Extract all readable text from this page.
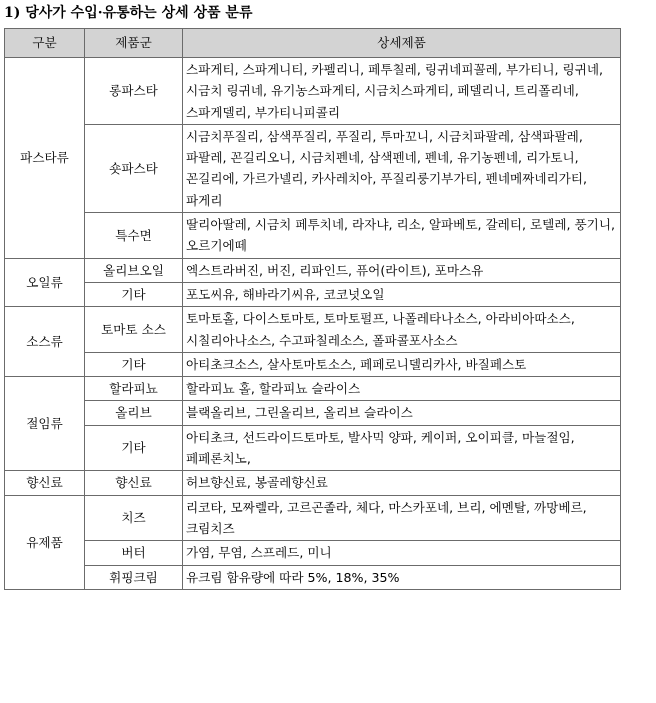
1) 당사가 수입·유통하는 상세 상품 분류
구분	제품군	상세제품
파스타류	롱파스타	스파게티, 스파게니티, 카펠리니, 페투칠레, 링귀네피꼴레, 부가티니, 링귀네, 시금치 링귀네, 유기농스파게티, 시금치스파게티, 페델리니, 트리폴리네, 스파게델리, 부가티니피콜리
	숏파스타	시금치푸질리, 삼색푸질리, 푸질리, 투마꼬니, 시금치파팔레, 삼색파팔레, 파팔레, 꼰길리오니, 시금치펜네, 삼색펜네, 펜네, 유기농펜네, 리가토니, 꼰길리에, 가르가넬리, 카사레치아, 푸질리룽기부가티, 펜네메짜네리가티, 파게리
	특수면	딸리아딸레, 시금치 페투치네, 라자냐, 리소, 알파베토, 갈레티, 로텔레, 풍기니, 오르기에떼
오일류	올리브오일	엑스트라버진, 버진, 리파인드, 퓨어(라이트), 포마스유
	기타	포도씨유, 해바라기씨유, 코코넛오일
소스류	토마토 소스	토마토홀, 다이스토마토, 토마토펄프, 나폴레타나소스, 아라비아따소스, 시칠리아나소스, 수고파칠레소스, 폴파콜포사소스
	기타	아티초크소스, 살사토마토소스, 페페로니델리카사, 바질페스토
절임류	할라피뇨	할라피뇨 홀, 할라피뇨 슬라이스
	올리브	블랙올리브, 그린올리브, 올리브 슬라이스
	기타	아티초크, 선드라이드토마토, 발사믹 양파, 케이퍼, 오이피클, 마늘절임, 페페론치노,
향신료	향신료	허브향신료, 봉골레향신료
유제품	치즈	리코타, 모짜렐라, 고르곤졸라, 체다, 마스카포네, 브리, 에멘탈, 까망베르, 크림치즈
	버터	가염, 무염, 스프레드, 미니
	휘핑크림	유크림 함유량에 따라 5%, 18%, 35%
